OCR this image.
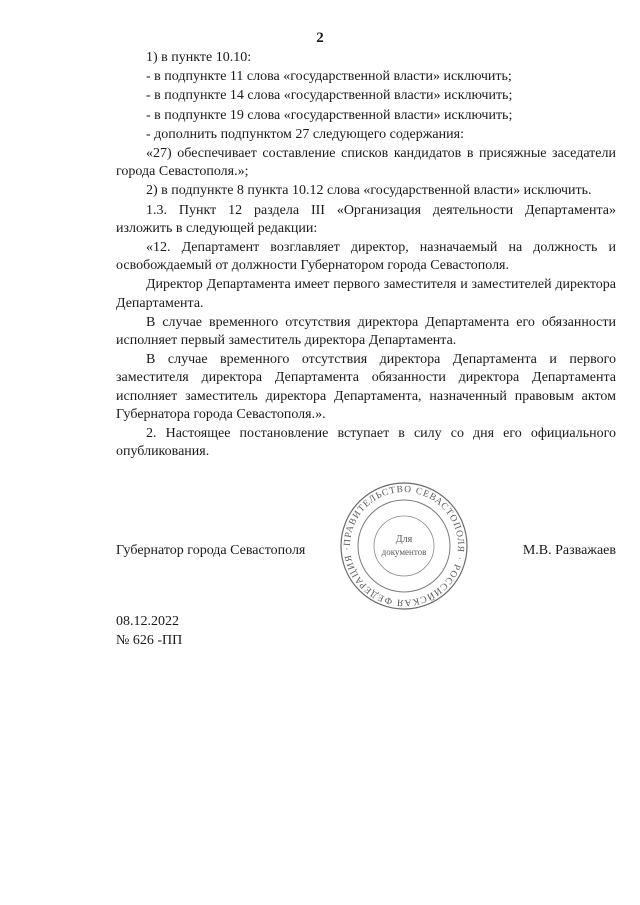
2

1) в пункте 10.10:

- в подпункте 11 слова «государственной власти» исключить;

- в подпункте 14 слова «государственной власти» исключить;

- в подпункте 19 слова «государственной власти» исключить;

- дополнить подпунктом 27 следующего содержания:

«27) обеспечивает составление списков кандидатов в присяжные заседатели города Севастополя.»;

2) в подпункте 8 пункта 10.12 слова «государственной власти» исключить.

1.3. Пункт 12 раздела III «Организация деятельности Департамента» изложить в следующей редакции:

«12. Департамент возглавляет директор, назначаемый на должность и освобождаемый от должности Губернатором города Севастополя.

Директор Департамента имеет первого заместителя и заместителей директора Департамента.

В случае временного отсутствия директора Департамента его обязанности исполняет первый заместитель директора Департамента.

В случае временного отсутствия директора Департамента и первого заместителя директора Департамента обязанности директора Департамента исполняет заместитель директора Департамента, назначенный правовым актом Губернатора города Севастополя.».

2. Настоящее постановление вступает в силу со дня его официального опубликования.

Губернатор города Севастополя	М.В. Разважаев
ПРАВИТЕЛЬСТВО СЕВАСТОПОЛЯ · РОССИЙСКАЯ ФЕДЕРАЦИЯ ·
Для
документов
08.12.2022
№ 626 -ПП
